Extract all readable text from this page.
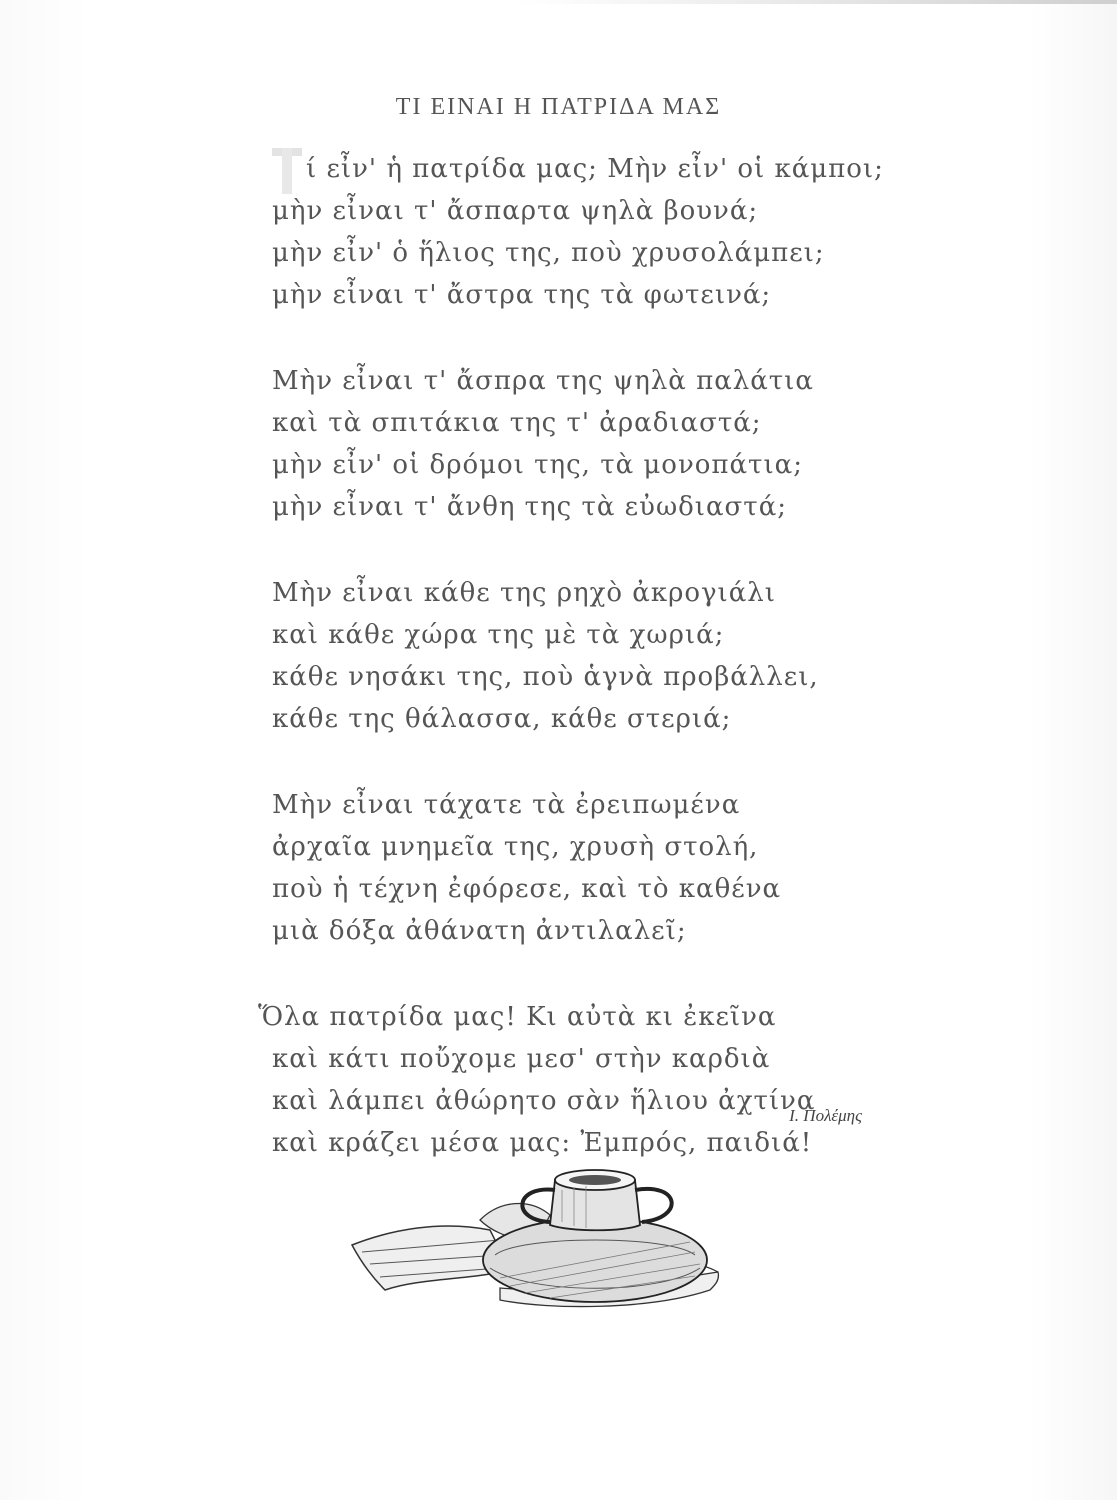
ΤΙ ΕΙΝΑΙ Η ΠΑΤΡΙΔΑ ΜΑΣ
ί εἶν' ἡ πατρίδα μας; Μὴν εἶν' οἱ κάμποι;
μὴν εἶναι τ' ἄσπαρτα ψηλὰ βουνά;
μὴν εἶν' ὁ ἥλιος της, ποὺ χρυσολάμπει;
μὴν εἶναι τ' ἄστρα της τὰ φωτεινά;
Μὴν εἶναι τ' ἄσπρα της ψηλὰ παλάτια
καὶ τὰ σπιτάκια της τ' ἀραδιαστά;
μὴν εἶν' οἱ δρόμοι της, τὰ μονοπάτια;
μὴν εἶναι τ' ἄνθη της τὰ εὐωδιαστά;
Μὴν εἶναι κάθε της ρηχὸ ἀκρογιάλι
καὶ κάθε χώρα της μὲ τὰ χωριά;
κάθε νησάκι της, ποὺ ἁγνὰ προβάλλει,
κάθε της θάλασσα, κάθε στεριά;
Μὴν εἶναι τάχατε τὰ ἐρειπωμένα
ἀρχαῖα μνημεῖα της, χρυσὴ στολή,
ποὺ ἡ τέχνη ἐφόρεσε, καὶ τὸ καθένα
μιὰ δόξα ἀθάνατη ἀντιλαλεῖ;
Ὅλα πατρίδα μας! Κι αὐτὰ κι ἐκεῖνα
καὶ κάτι ποὔχομε μεσ' στὴν καρδιὰ
καὶ λάμπει ἀθώρητο σὰν ἥλιου ἀχτίνα
καὶ κράζει μέσα μας: Ἐμπρός, παιδιά!
Ι. Πολέμης
